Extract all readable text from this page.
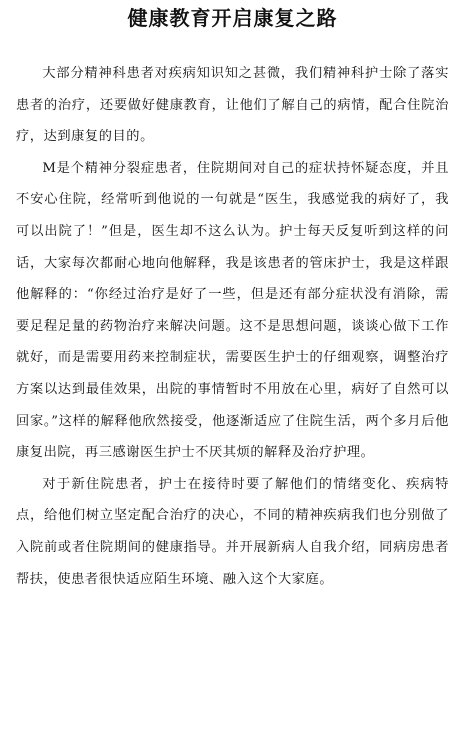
健康教育开启康复之路

大部分精神科患者对疾病知识知之甚微，我们精神科护士除了落实患者的治疗，还要做好健康教育，让他们了解自己的病情，配合住院治疗，达到康复的目的。

M是个精神分裂症患者，住院期间对自己的症状持怀疑态度，并且不安心住院，经常听到他说的一句就是“医生，我感觉我的病好了，我可以出院了！”但是，医生却不这么认为。护士每天反复听到这样的问话，大家每次都耐心地向他解释，我是该患者的管床护士，我是这样跟他解释的：“你经过治疗是好了一些，但是还有部分症状没有消除，需要足程足量的药物治疗来解决问题。这不是思想问题，谈谈心做下工作就好，而是需要用药来控制症状，需要医生护士的仔细观察，调整治疗方案以达到最佳效果，出院的事情暂时不用放在心里，病好了自然可以回家。”这样的解释他欣然接受，他逐渐适应了住院生活，两个多月后他康复出院，再三感谢医生护士不厌其烦的解释及治疗护理。

对于新住院患者，护士在接待时要了解他们的情绪变化、疾病特点，给他们树立坚定配合治疗的决心，不同的精神疾病我们也分别做了入院前或者住院期间的健康指导。并开展新病人自我介绍，同病房患者帮扶，使患者很快适应陌生环境、融入这个大家庭。
